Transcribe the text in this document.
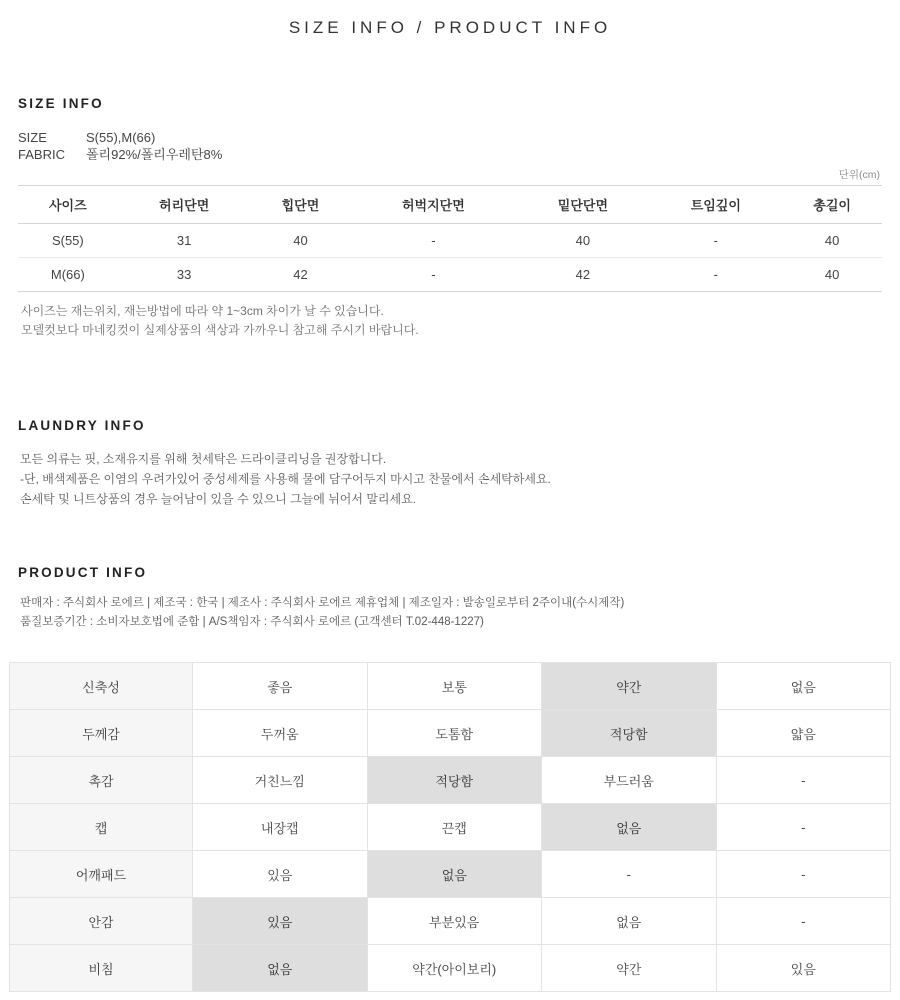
SIZE INFO / PRODUCT INFO
SIZE INFO
SIZE	S(55),M(66)
FABRIC	폴리92%/폴리우레탄8%
단위(cm)
사이즈	허리단면	힙단면	허벅지단면	밑단단면	트임깊이	총길이
S(55)	31	40	-	40	-	40
M(66)	33	42	-	42	-	40
사이즈는 재는위치, 재는방법에 따라 약 1~3cm 차이가 날 수 있습니다.
모델컷보다 마네킹컷이 실제상품의 색상과 가까우니 참고해 주시기 바랍니다.
LAUNDRY INFO
모든 의류는 핏, 소재유지를 위해 첫세탁은 드라이클리닝을 권장합니다.
-단, 배색제품은 이염의 우려가있어 중성세제를 사용해 물에 담구어두지 마시고 찬물에서 손세탁하세요.
손세탁 및 니트상품의 경우 늘어남이 있을 수 있으니 그늘에 뉘어서 말리세요.
PRODUCT INFO
판매자 : 주식회사 로에르 | 제조국 : 한국 | 제조사 : 주식회사 로에르 제휴업체 | 제조일자 : 발송일로부터 2주이내(수시제작)
품질보증기간 : 소비자보호법에 준함 | A/S책임자 : 주식회사 로에르 (고객센터 T.02-448-1227)
신축성	좋음	보통	약간	없음
두께감	두꺼움	도톰함	적당함	얇음
촉감	거친느낌	적당함	부드러움	-
캡	내장캡	끈캡	없음	-
어깨패드	있음	없음	-	-
안감	있음	부분있음	없음	-
비침	없음	약간(아이보리)	약간	있음
